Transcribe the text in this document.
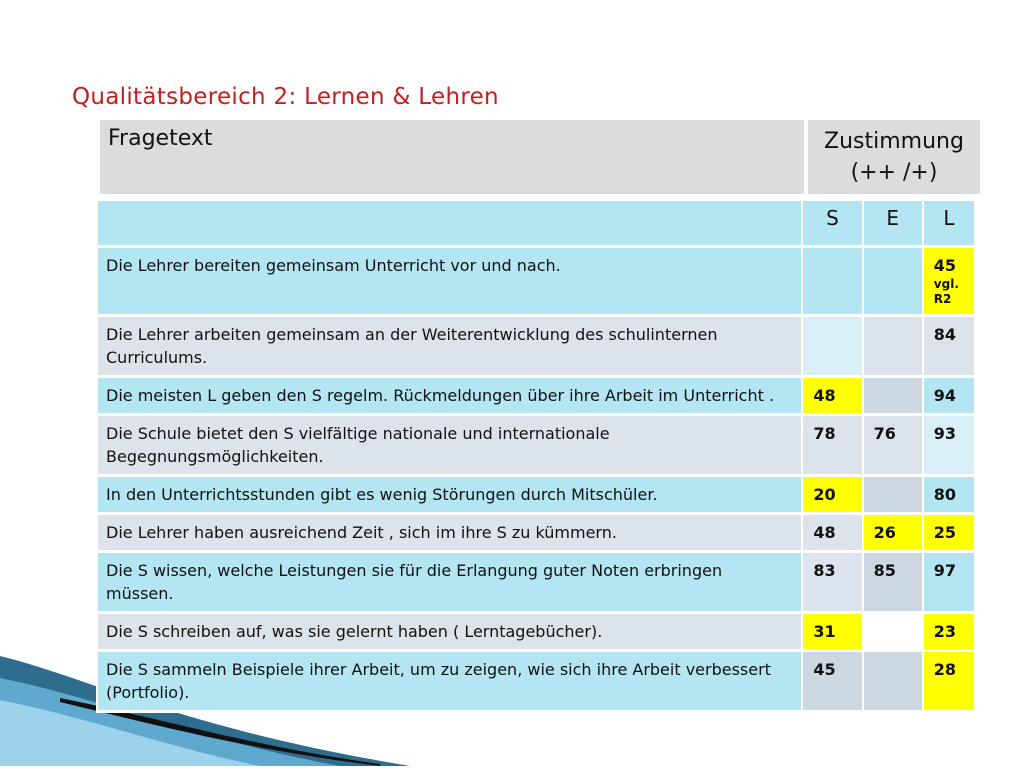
Qualitätsbereich 2: Lernen & Lehren
Fragetext	Zustimmung
(++ /+)
	S	E	L
Die Lehrer bereiten gemeinsam Unterricht vor und nach.			45
vgl.
R2

Die Lehrer arbeiten gemeinsam an der Weiterentwicklung des schulinternen Curriculums.			84
Die meisten L geben den S regelm. Rückmeldungen über ihre Arbeit im Unterricht .	48		94
Die Schule bietet den S vielfältige nationale und internationale Begegnungsmöglichkeiten.	78	76	93
In den Unterrichtsstunden gibt es wenig Störungen durch Mitschüler.	20		80
Die Lehrer haben ausreichend Zeit , sich im ihre S zu kümmern.	48	26	25
Die S wissen, welche Leistungen sie für die Erlangung guter Noten erbringen müssen.	83	85	97
Die S schreiben auf, was sie gelernt haben ( Lerntagebücher).	31		23
Die S sammeln Beispiele ihrer Arbeit, um zu zeigen, wie sich ihre Arbeit verbessert (Portfolio).	45		28
